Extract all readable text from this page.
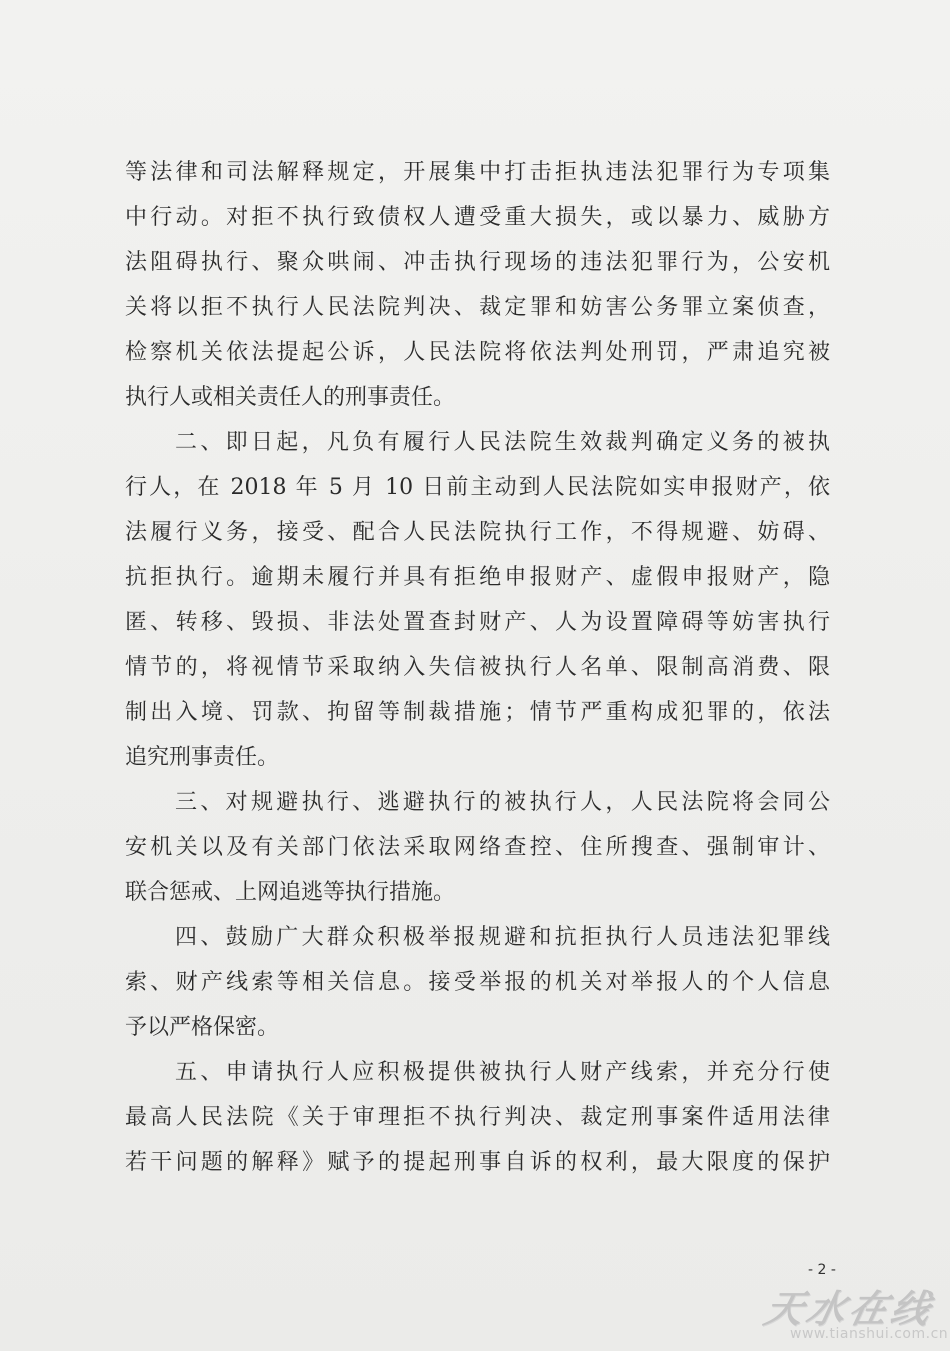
等法律和司法解释规定，开展集中打击拒执违法犯罪行为专项集
中行动。对拒不执行致债权人遭受重大损失，或以暴力、威胁方
法阻碍执行、聚众哄闹、冲击执行现场的违法犯罪行为，公安机
关将以拒不执行人民法院判决、裁定罪和妨害公务罪立案侦查，
检察机关依法提起公诉，人民法院将依法判处刑罚，严肃追究被
执行人或相关责任人的刑事责任。
二、即日起，凡负有履行人民法院生效裁判确定义务的被执
行人，在 2018 年 5 月 10 日前主动到人民法院如实申报财产，依
法履行义务，接受、配合人民法院执行工作，不得规避、妨碍、
抗拒执行。逾期未履行并具有拒绝申报财产、虚假申报财产，隐
匿、转移、毁损、非法处置查封财产、人为设置障碍等妨害执行
情节的，将视情节采取纳入失信被执行人名单、限制高消费、限
制出入境、罚款、拘留等制裁措施；情节严重构成犯罪的，依法
追究刑事责任。
三、对规避执行、逃避执行的被执行人，人民法院将会同公
安机关以及有关部门依法采取网络查控、住所搜查、强制审计、
联合惩戒、上网追逃等执行措施。
四、鼓励广大群众积极举报规避和抗拒执行人员违法犯罪线
索、财产线索等相关信息。接受举报的机关对举报人的个人信息
予以严格保密。
五、申请执行人应积极提供被执行人财产线索，并充分行使
最高人民法院《关于审理拒不执行判决、裁定刑事案件适用法律
若干问题的解释》赋予的提起刑事自诉的权利，最大限度的保护
- 2 -
天水在线
www.tianshui.com.cn
